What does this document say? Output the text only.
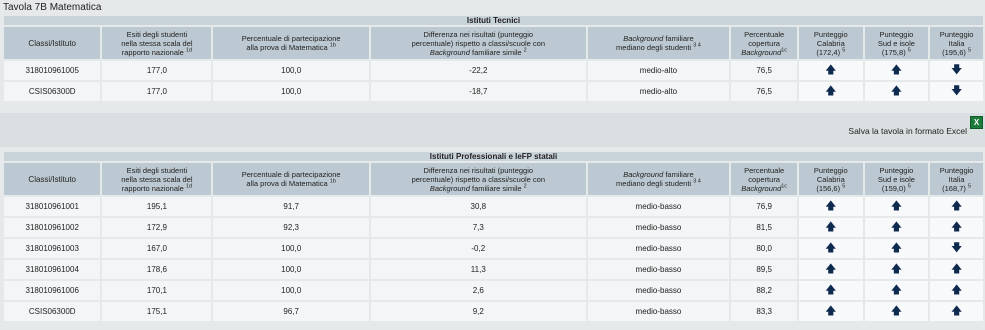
Tavola 7B Matematica
Istituti Tecnici								
Classi/Istituto	Esiti degli studenti
nella stessa scala del
rapporto nazionale $^{1d}$	Percentuale di partecipazione
alla prova di Matematica $^{1b}$	Differenza nei risultati (punteggio
percentuale) rispetto a classi/scuole con
Background familiare simile $^2$	Background familiare
mediano degli studenti $^{3 4}$	Percentuale
copertura
Background$^{1c}$	Punteggio
Calabria
(172,4) $^5$	Punteggio
Sud e isole
(175,8) $^5$	Punteggio
Italia
(195,6) $^5$
318010961005	177,0	100,0	-22,2	medio-alto	76,5	🡅	🡅	🡇
CSIS06300D	177,0	100,0	-18,7	medio-alto	76,5	🡅	🡅	🡇
Salva la tavola in formato Excel
X
Istituti Professionali e IeFP statali								
Classi/Istituto	Esiti degli studenti
nella stessa scala del
rapporto nazionale $^{1d}$	Percentuale di partecipazione
alla prova di Matematica $^{1b}$	Differenza nei risultati (punteggio
percentuale) rispetto a classi/scuole con
Background familiare simile $^2$	Background familiare
mediano degli studenti $^{3 4}$	Percentuale
copertura
Background$^{1c}$	Punteggio
Calabria
(156,6) $^5$	Punteggio
Sud e isole
(159,0) $^5$	Punteggio
Italia
(168,7) $^5$
318010961001	195,1	91,7	30,8	medio-basso	76,9	🡅	🡅	🡅
318010961002	172,9	92,3	7,3	medio-basso	81,5	🡅	🡅	🡅
318010961003	167,0	100,0	-0,2	medio-basso	80,0	🡅	🡅	🡇
318010961004	178,6	100,0	11,3	medio-basso	89,5	🡅	🡅	🡅
318010961006	170,1	100,0	2,6	medio-basso	88,2	🡅	🡅	🡅
CSIS06300D	175,1	96,7	9,2	medio-basso	83,3	🡅	🡅	🡅
